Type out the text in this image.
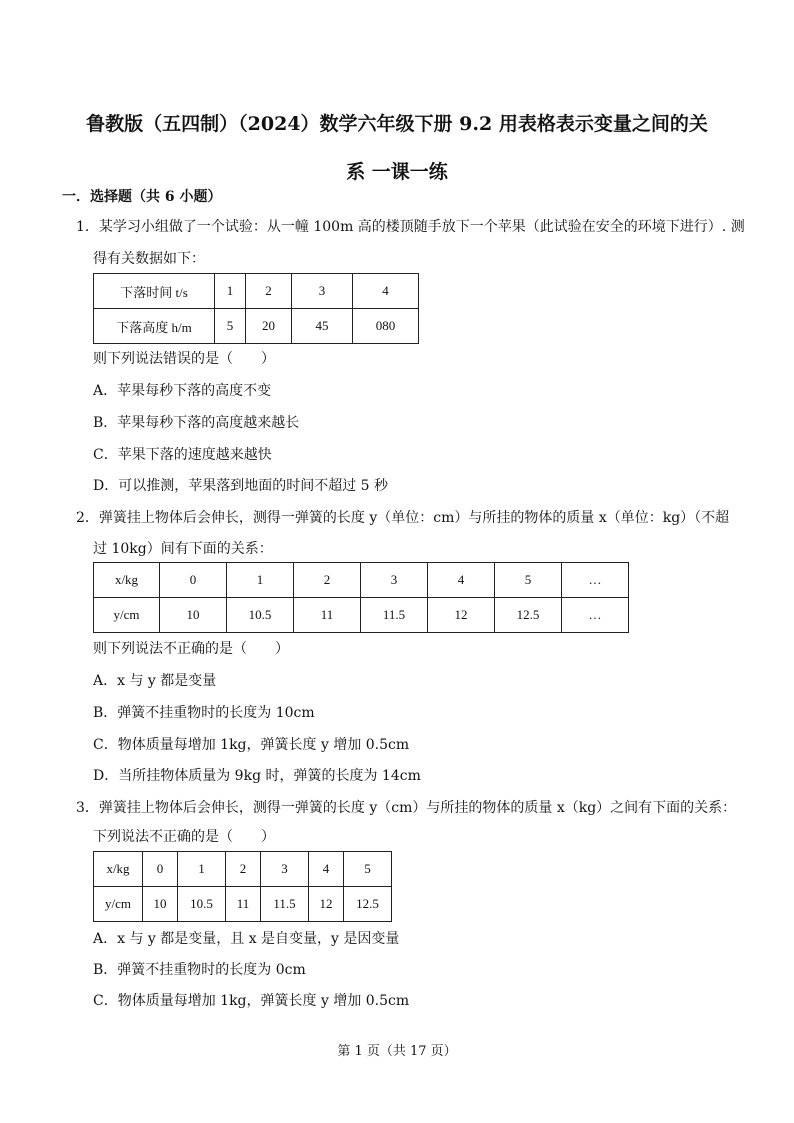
鲁教版（五四制）（2024）数学六年级下册 9.2 用表格表示变量之间的关
系 一课一练
一．选择题（共 6 小题）
1．某学习小组做了一个试验：从一幢 100m 高的楼顶随手放下一个苹果（此试验在安全的环境下进行）. 测
得有关数据如下：
下落时间 t/s	1	2	3	4
下落高度 h/m	5	20	45	080
则下列说法错误的是（　　）
A．苹果每秒下落的高度不变
B．苹果每秒下落的高度越来越长
C．苹果下落的速度越来越快
D．可以推测，苹果落到地面的时间不超过 5 秒
2．弹簧挂上物体后会伸长，测得一弹簧的长度 y（单位：cm）与所挂的物体的质量 x（单位：kg）（不超
过 10kg）间有下面的关系：
x/kg	0	1	2	3	4	5	…
y/cm	10	10.5	11	11.5	12	12.5	…
则下列说法不正确的是（　　）
A．x 与 y 都是变量
B．弹簧不挂重物时的长度为 10cm
C．物体质量每增加 1kg，弹簧长度 y 增加 0.5cm
D．当所挂物体质量为 9kg 时，弹簧的长度为 14cm
3．弹簧挂上物体后会伸长，测得一弹簧的长度 y（cm）与所挂的物体的质量 x（kg）之间有下面的关系：
下列说法不正确的是（　　）
x/kg	0	1	2	3	4	5
y/cm	10	10.5	11	11.5	12	12.5
A．x 与 y 都是变量，且 x 是自变量，y 是因变量
B．弹簧不挂重物时的长度为 0cm
C．物体质量每增加 1kg，弹簧长度 y 增加 0.5cm
第 1 页（共 17 页）
